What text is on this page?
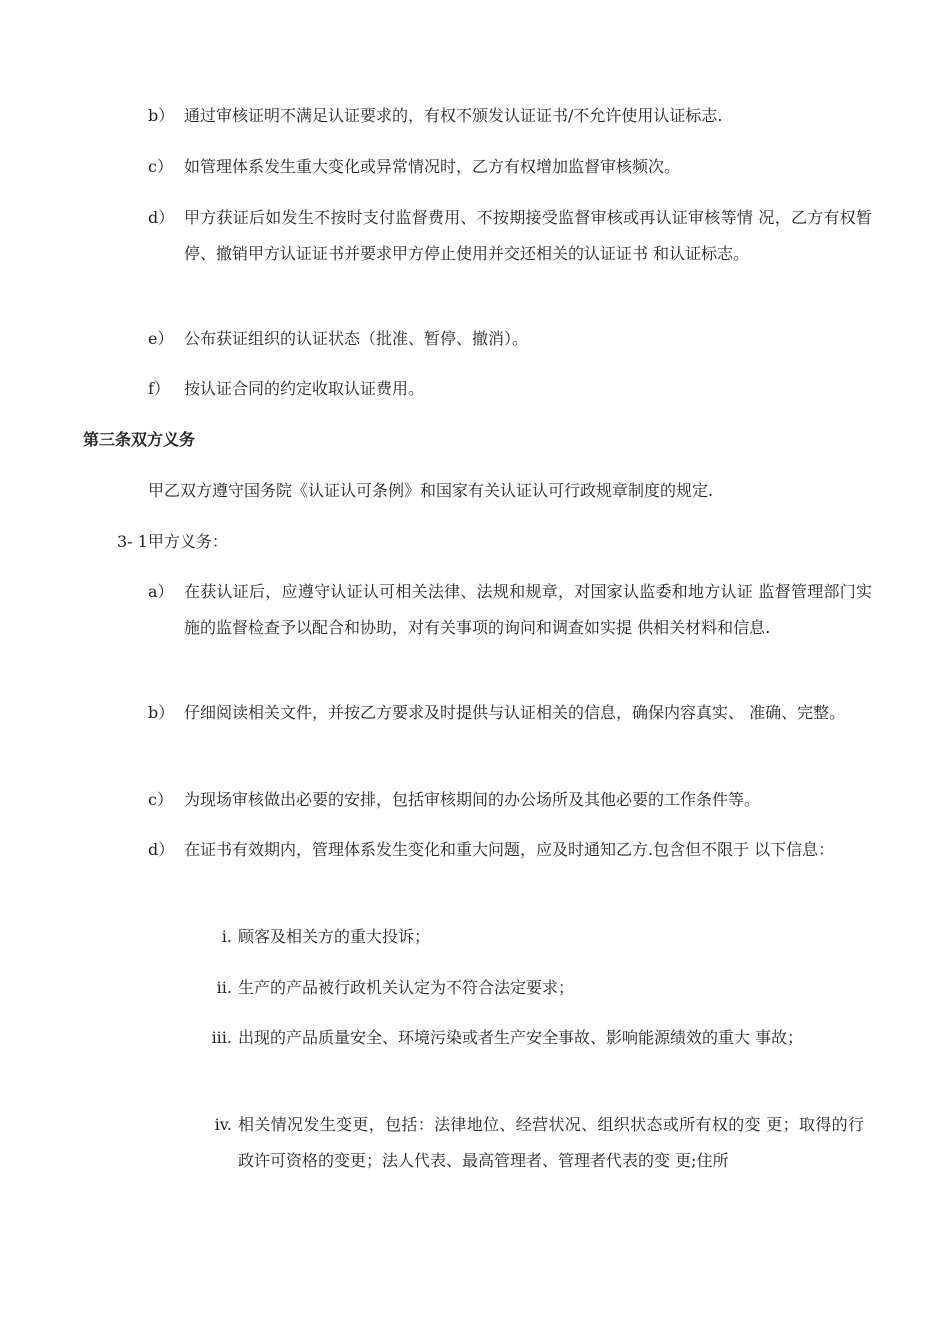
b） 通过审核证明不满足认证要求的，有权不颁发认证证书/不允许使用认证标志.
c） 如管理体系发生重大变化或异常情况时，乙方有权增加监督审核频次。
d） 甲方获证后如发生不按时支付监督费用、不按期接受监督审核或再认证审核等情 况，乙方有权暂停、撤销甲方认证证书并要求甲方停止使用并交还相关的认证证书 和认证标志。
e） 公布获证组织的认证状态（批准、暂停、撤消）。
f） 按认证合同的约定收取认证费用。
第三条双方义务
甲乙双方遵守国务院《认证认可条例》和国家有关认证认可行政规章制度的规定.
3- 1甲方义务：
a） 在获认证后，应遵守认证认可相关法律、法规和规章，对国家认监委和地方认证 监督管理部门实施的监督检查予以配合和协助，对有关事项的询问和调查如实提 供相关材料和信息.
b） 仔细阅读相关文件，并按乙方要求及时提供与认证相关的信息，确保内容真实、 准确、完整。
c） 为现场审核做出必要的安排，包括审核期间的办公场所及其他必要的工作条件等。
d） 在证书有效期内，管理体系发生变化和重大问题，应及时通知乙方.包含但不限于 以下信息：
i. 顾客及相关方的重大投诉；
ii. 生产的产品被行政机关认定为不符合法定要求；
iii. 出现的产品质量安全、环境污染或者生产安全事故、影响能源绩效的重大 事故；
iv. 相关情况发生变更，包括：法律地位、经营状况、组织状态或所有权的变 更；取得的行政许可资格的变更；法人代表、最高管理者、管理者代表的变 更;住所
